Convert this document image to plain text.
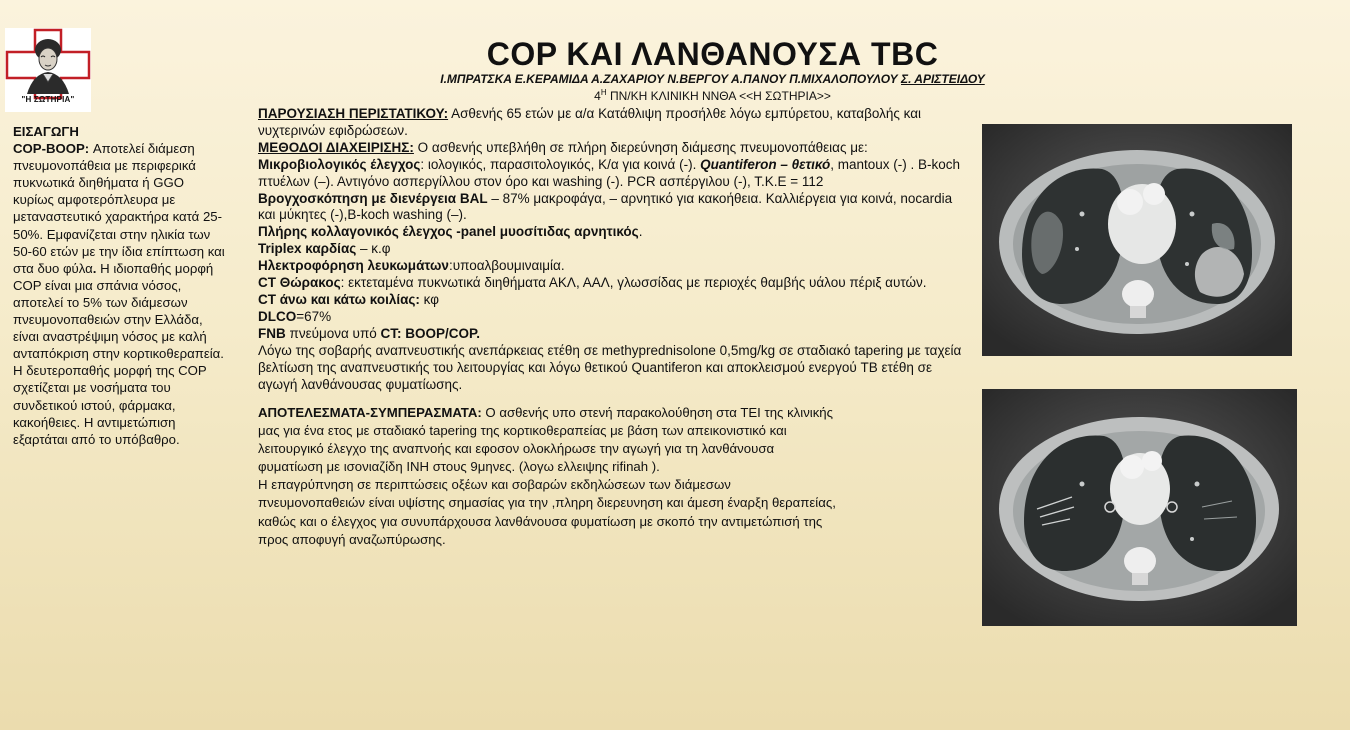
"Η ΣΩΤΗΡΙΑ"
COP ΚΑΙ ΛΑΝΘΑΝΟΥΣΑ TBC
Ι.ΜΠΡΑΤΣΚΑ Ε.ΚΕΡΑΜΙΔΑ Α.ΖΑΧΑΡΙΟΥ Ν.ΒΕΡΓΟΥ Α.ΠΑΝΟΥ Π.ΜΙΧΑΛΟΠΟΥΛΟΥ Σ. ΑΡΙΣΤΕΙΔΟΥ
$4^H$ ΠΝ/ΚΗ ΚΛΙΝΙΚΗ ΝΝΘΑ <<Η ΣΩΤΗΡΙΑ>>

ΕΙΣΑΓΩΓΗ

COP-BOOP: Αποτελεί διάμεση πνευμονοπάθεια με περιφερικά πυκνωτικά διηθήματα ή GGO κυρίως αμφοτερόπλευρα με μεταναστευτικό χαρακτήρα κατά 25-50%. Εμφανίζεται στην ηλικία των 50-60 ετών με την ίδια επίπτωση και στα δυο φύλα. Η ιδιοπαθής μορφή COP είναι μια σπάνια νόσος, αποτελεί το 5% των διάμεσων πνευμονοπαθειών στην Ελλάδα, είναι αναστρέψιμη νόσος με καλή ανταπόκριση στην κορτικοθεραπεία.

Η δευτεροπαθής μορφή της COP σχετίζεται με νοσήματα του συνδετικού ιστού, φάρμακα, κακοήθειες. Η αντιμετώπιση εξαρτάται από το υπόβαθρο.

ΠΑΡΟΥΣΙΑΣΗ ΠΕΡΙΣΤΑΤΙΚΟΥ: Ασθενής 65 ετών με α/α Κατάθλιψη προσήλθε λόγω εμπύρετου, καταβολής και νυχτερινών εφιδρώσεων.

ΜΕΘΟΔΟΙ ΔΙΑΧΕΙΡΙΣΗΣ: Ο ασθενής υπεβλήθη σε πλήρη διερεύνηση διάμεσης πνευμονοπάθειας με:

Μικροβιολογικός έλεγχος: ιολογικός, παρασιτολογικός, Κ/α για κοινά (-). Quantiferon – θετικό, mantoux (-) . B-koch πτυέλων (–). Αντιγόνο ασπεργίλλου στον όρο και washing (-). PCR ασπέργιλου (-), Τ.Κ.Ε = 112

Βρογχοσκόπηση με διενέργεια BAL – 87% μακροφάγα, – αρνητικό για κακοήθεια. Καλλιέργεια για κοινά, nocardia και μύκητες (-),B-koch washing (–).

Πλήρης κολλαγονικός έλεγχος -panel μυοσίτιδας αρνητικός.

Triplex καρδίας – κ.φ

Ηλεκτροφόρηση λευκωμάτων:υποαλβουμιναιμία.

CT Θώρακος: εκτεταμένα πυκνωτικά διηθήματα ΑΚΛ, ΑΑΛ, γλωσσίδας με περιοχές θαμβής υάλου πέριξ αυτών.

CT άνω και κάτω κοιλίας: κφ

DLCO=67%

FNB πνεύμονα υπό CT: BOOP/COP.

Λόγω της σοβαρής αναπνευστικής ανεπάρκειας ετέθη σε methyprednisolone 0,5mg/kg σε σταδιακό tapering με ταχεία βελτίωση της αναπνευστικής του λειτουργίας και λόγω θετικού Quantiferon και αποκλεισμού ενεργού TB ετέθη σε αγωγή λανθάνουσας φυματίωσης.

ΑΠΟΤΕΛΕΣΜΑΤΑ-ΣΥΜΠΕΡΑΣΜΑΤΑ: Ο ασθενής υπο στενή παρακολούθηση στα ΤΕΙ της κλινικής μας για ένα ετος με σταδιακό tapering της κορτικοθεραπείας με βάση των απεικονιστικό και λειτουργικό έλεγχο της αναπνοής και εφοσον ολοκλήρωσε την αγωγή για τη λανθάνουσα φυματίωση με ισονιαζίδη ΙΝΗ στους 9μηνες. (λογω ελλειψης rifinah ).

Η επαγρύπνηση σε περιπτώσεις οξέων και σοβαρών εκδηλώσεων των διάμεσων πνευμονοπαθειών είναι υψίστης σημασίας για την ,πληρη διερευνηση και άμεση έναρξη θεραπείας, καθώς και ο έλεγχος για συνυπάρχουσα λανθάνουσα φυματίωση με σκοπό την αντιμετώπισή της προς αποφυγή αναζωπύρωσης.
